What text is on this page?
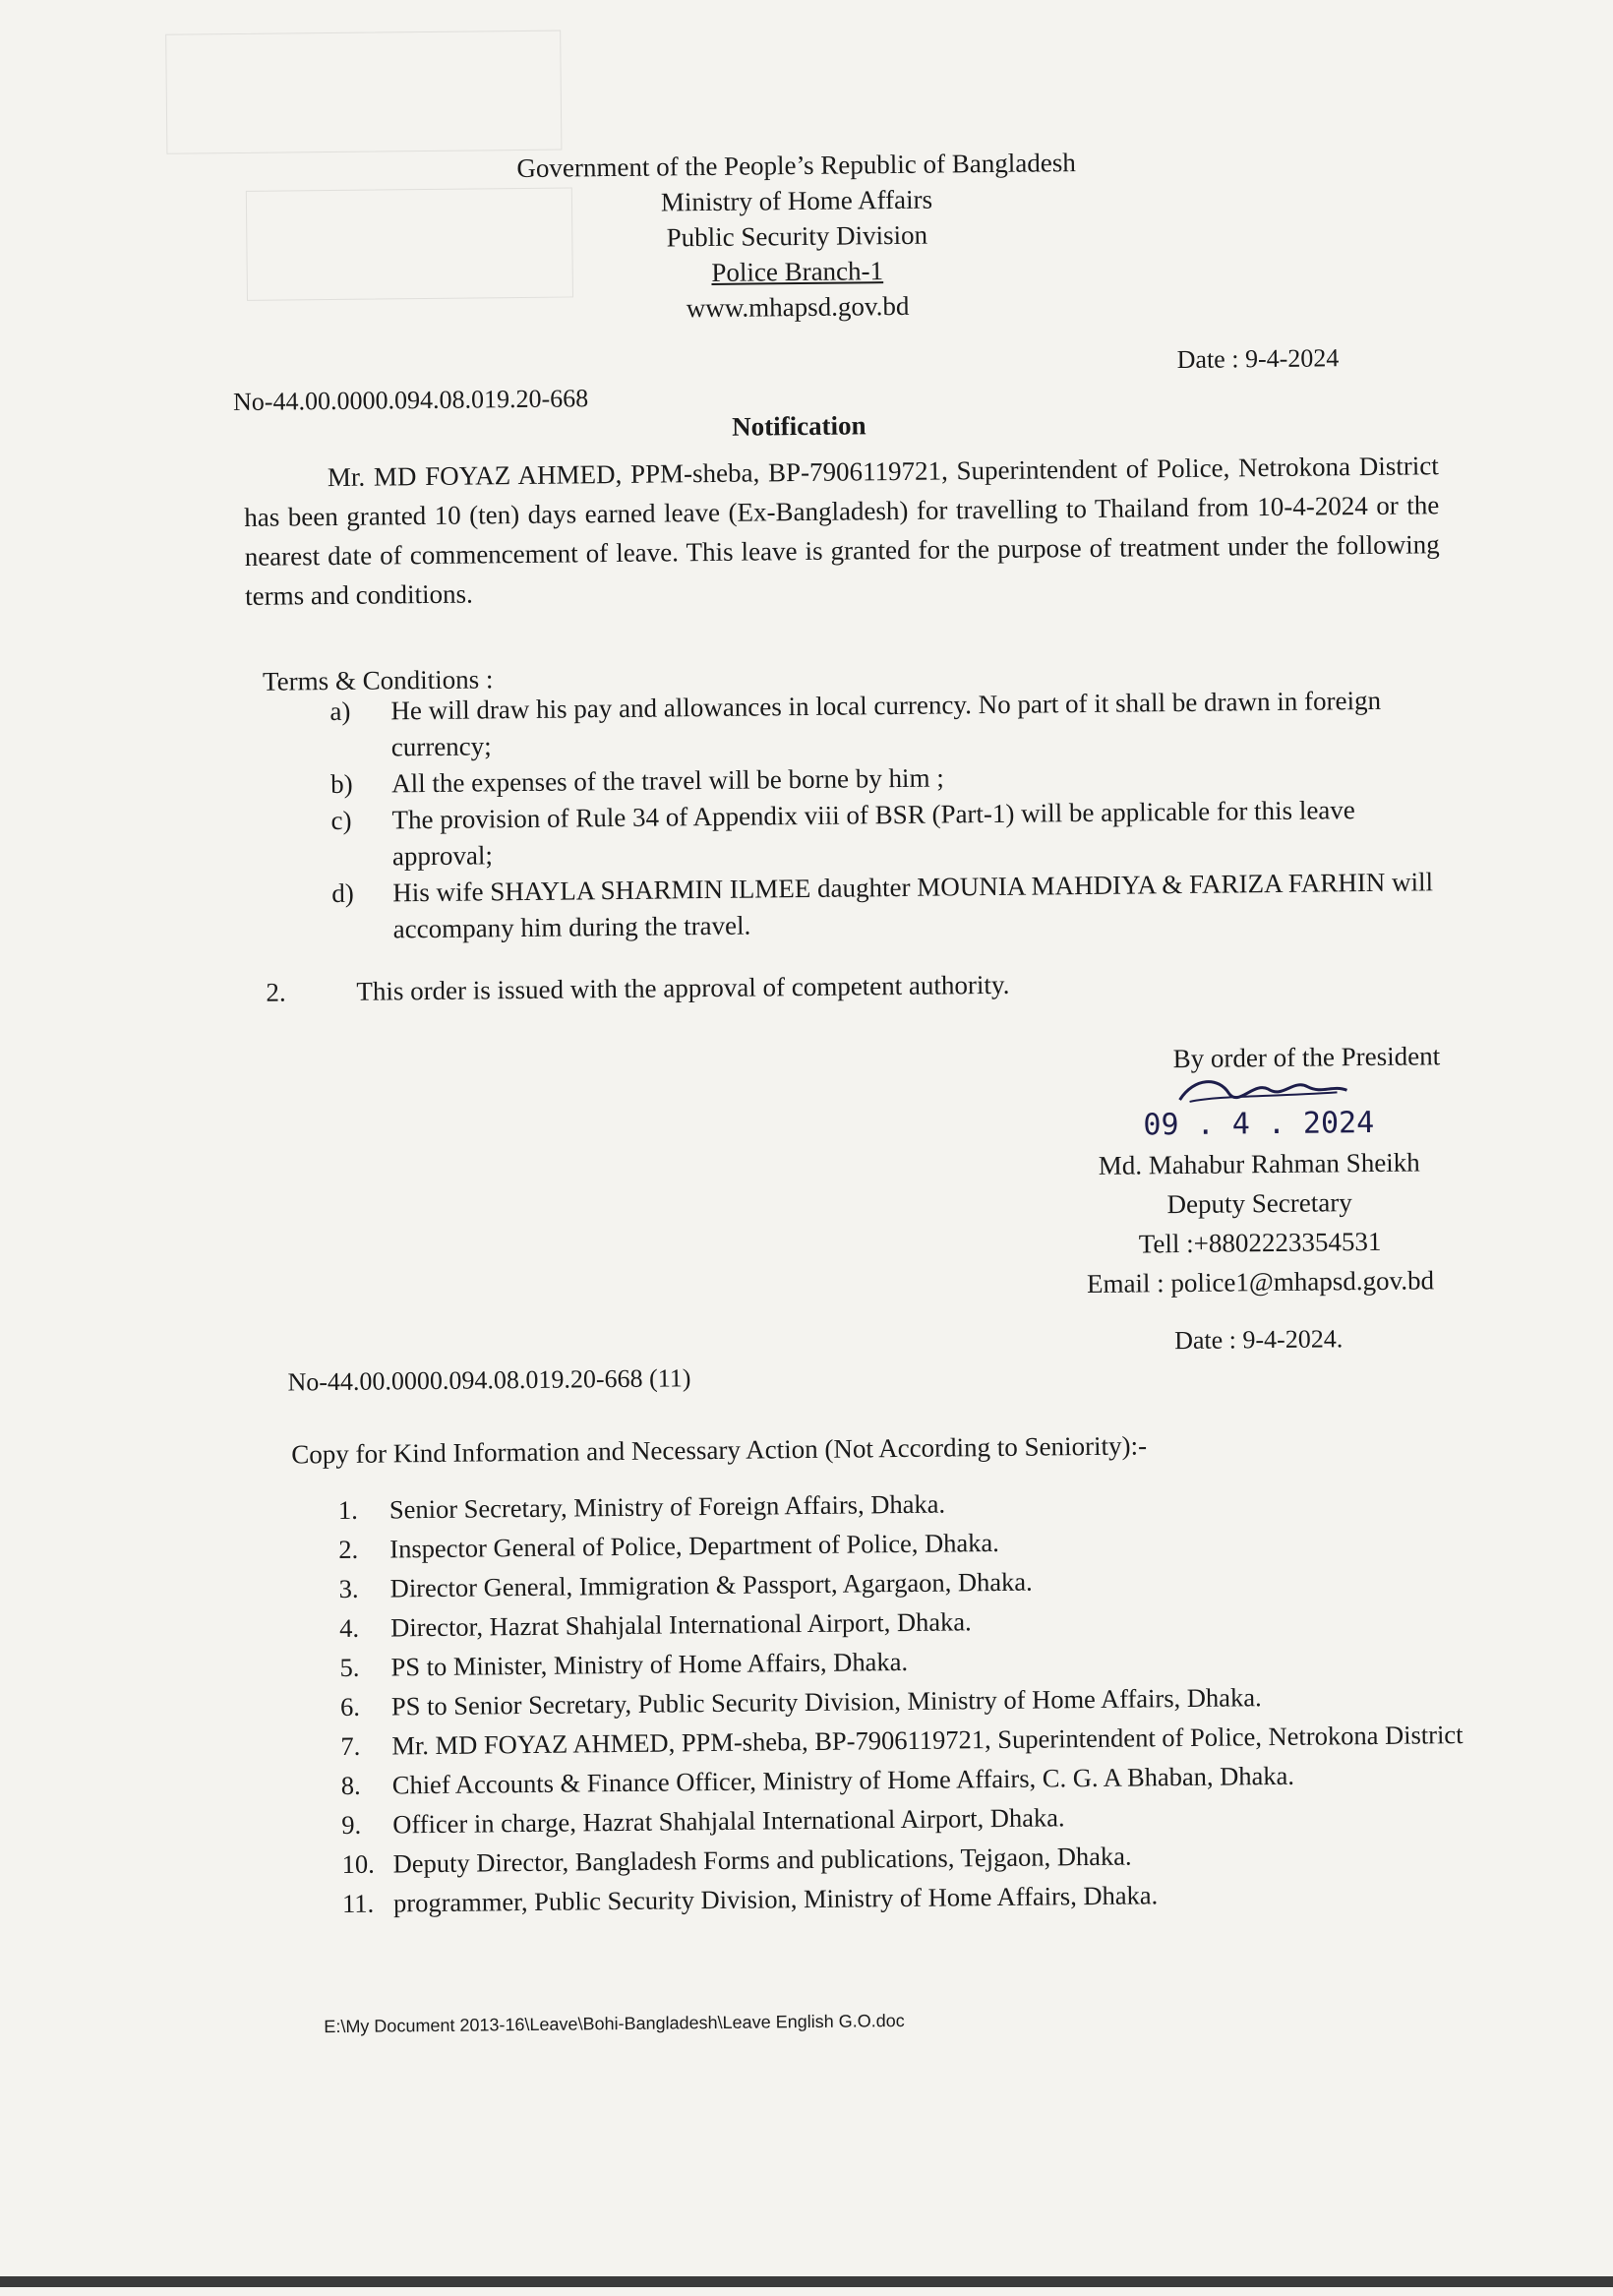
Government of the People’s Republic of Bangladesh
Ministry of Home Affairs
Public Security Division
Police Branch-1
www.mhapsd.gov.bd
Date : 9-4-2024
No-44.00.0000.094.08.019.20-668
Notification
Mr. MD FOYAZ AHMED, PPM-sheba, BP-7906119721, Superintendent of Police, Netrokona District has been granted 10 (ten) days earned leave (Ex-Bangladesh) for travelling to Thailand from 10-4-2024 or the nearest date of commencement of leave. This leave is granted for the purpose of treatment under the following terms and conditions.
Terms & Conditions :
a)	He will draw his pay and allowances in local currency. No part of it shall be drawn in foreign currency;
b)	All the expenses of the travel will be borne by him ;
c)	The provision of Rule 34 of Appendix viii of BSR (Part-1) will be applicable for this leave approval;
d)	His wife SHAYLA SHARMIN ILMEE daughter MOUNIA MAHDIYA & FARIZA FARHIN will accompany him during the travel.
2.	This order is issued with the approval of competent authority.
By order of the President
09 . 4 . 2024
Md. Mahabur Rahman Sheikh
Deputy Secretary
Tell :+8802223354531
Email : police1@mhapsd.gov.bd
Date : 9-4-2024.
No-44.00.0000.094.08.019.20-668 (11)
Copy for Kind Information and Necessary Action (Not According to Seniority):-
1.	Senior Secretary, Ministry of Foreign Affairs, Dhaka.
2.	Inspector General of Police, Department of Police, Dhaka.
3.	Director General, Immigration & Passport, Agargaon, Dhaka.
4.	Director, Hazrat Shahjalal International Airport, Dhaka.
5.	PS to Minister, Ministry of Home Affairs, Dhaka.
6.	PS to Senior Secretary, Public Security Division, Ministry of Home Affairs, Dhaka.
7.	Mr. MD FOYAZ AHMED, PPM-sheba, BP-7906119721, Superintendent of Police, Netrokona District
8.	Chief Accounts & Finance Officer, Ministry of Home Affairs, C. G. A Bhaban, Dhaka.
9.	Officer in charge, Hazrat Shahjalal International Airport, Dhaka.
10. Deputy Director, Bangladesh Forms and publications, Tejgaon, Dhaka.
11. programmer, Public Security Division, Ministry of Home Affairs, Dhaka.
E:\My Document 2013-16\Leave\Bohi-Bangladesh\Leave English G.O.doc
